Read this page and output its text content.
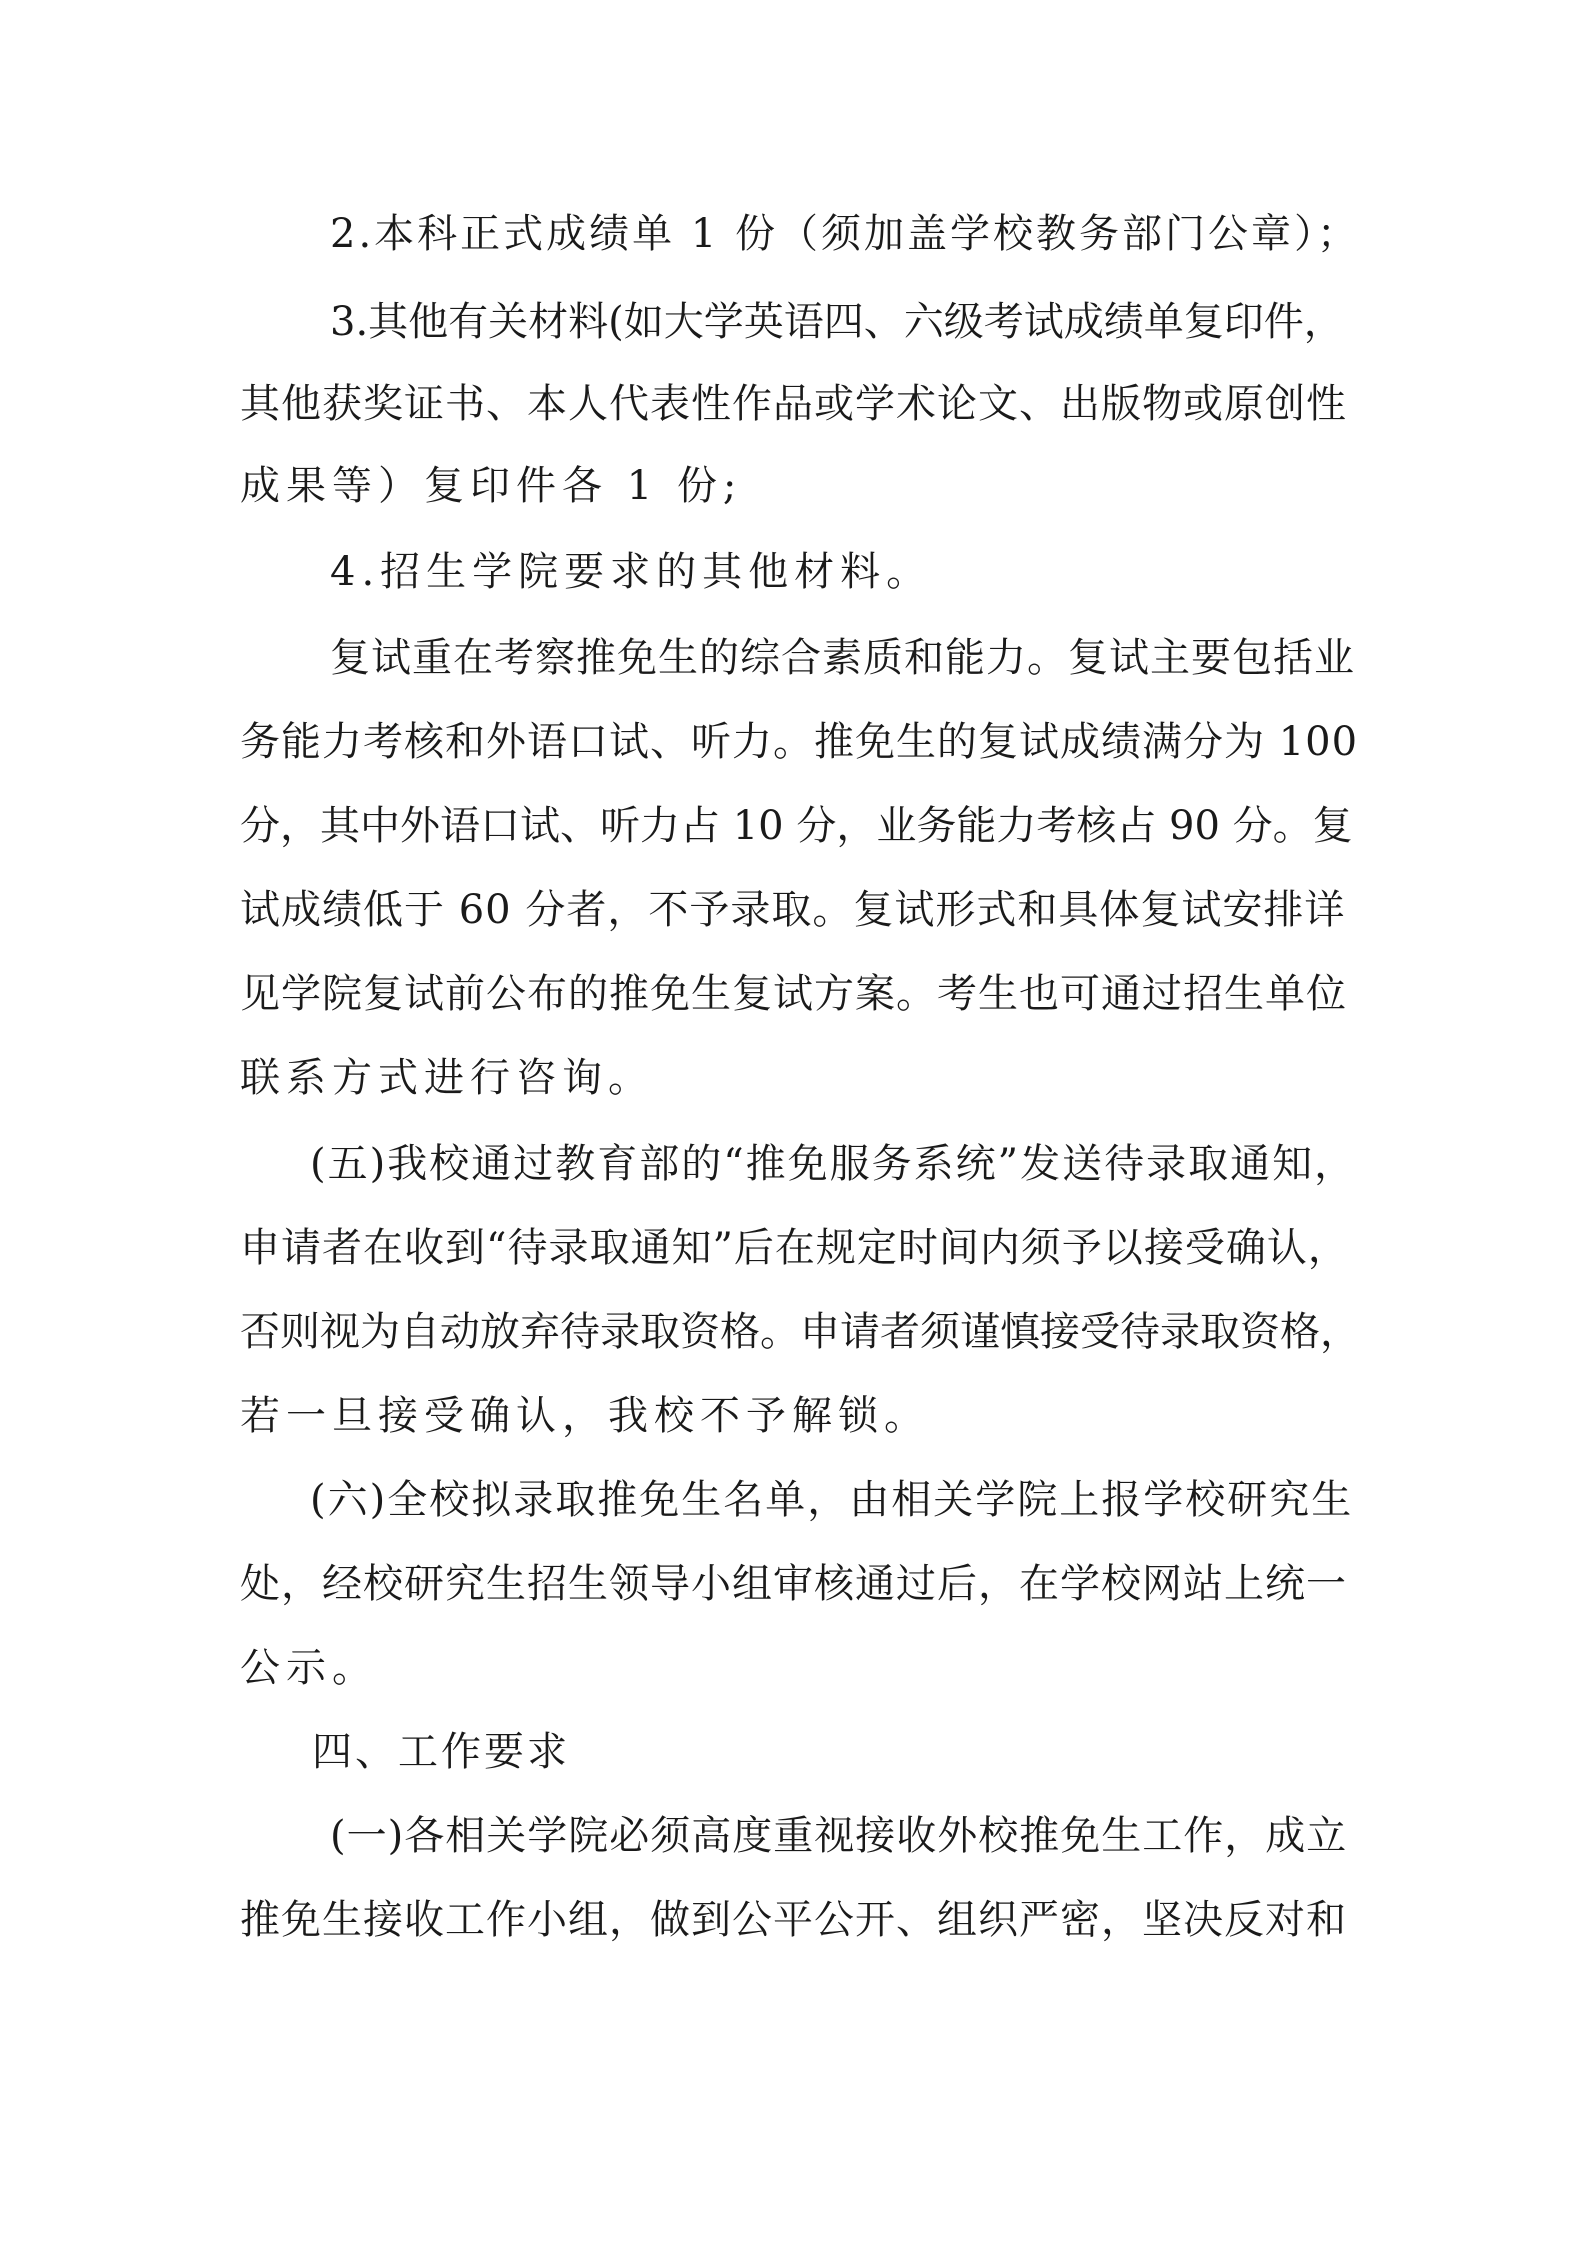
2.本科正式成绩单 1 份（须加盖学校教务部门公章）；
3.其他有关材料(如大学英语四、六级考试成绩单复印件，
其他获奖证书、本人代表性作品或学术论文、出版物或原创性
成果等）复印件各 1 份;
4.招生学院要求的其他材料。
复试重在考察推免生的综合素质和能力。复试主要包括业
务能力考核和外语口试、听力。推免生的复试成绩满分为 100
分，其中外语口试、听力占 10 分，业务能力考核占 90 分。复
试成绩低于 60 分者，不予录取。复试形式和具体复试安排详
见学院复试前公布的推免生复试方案。考生也可通过招生单位
联系方式进行咨询。
(五)我校通过教育部的“推免服务系统”发送待录取通知，
申请者在收到“待录取通知”后在规定时间内须予以接受确认，
否则视为自动放弃待录取资格。申请者须谨慎接受待录取资格，
若一旦接受确认，我校不予解锁。
(六)全校拟录取推免生名单，由相关学院上报学校研究生
处，经校研究生招生领导小组审核通过后，在学校网站上统一
公示。
四、工作要求
(一)各相关学院必须高度重视接收外校推免生工作，成立
推免生接收工作小组，做到公平公开、组织严密，坚决反对和
